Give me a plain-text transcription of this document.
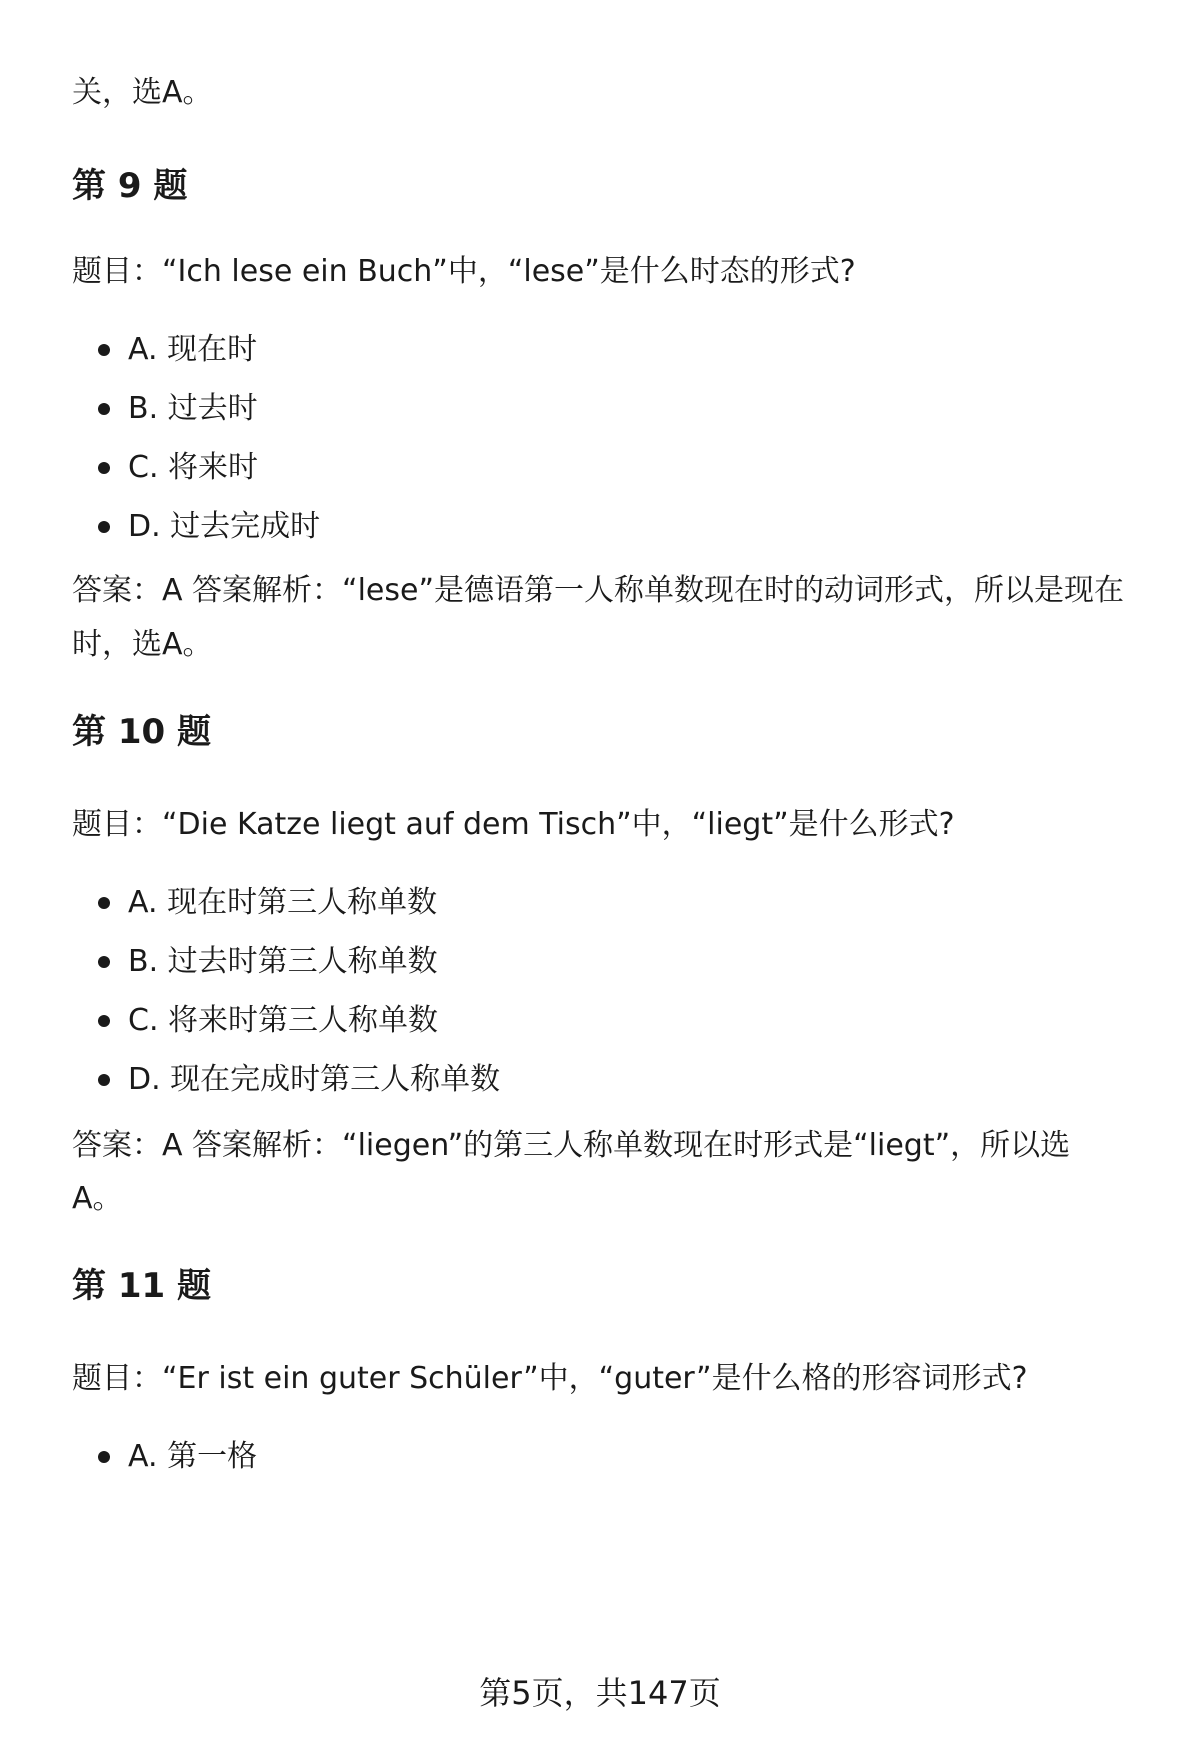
关，选A。

第 9 题

题目：“Ich lese ein Buch”中，“lese”是什么时态的形式?

A. 现在时
B. 过去时
C. 将来时
D. 过去完成时

答案：A 答案解析：“lese”是德语第一人称单数现在时的动词形式，所以是现在

时，选A。

第 10 题

题目：“Die Katze liegt auf dem Tisch”中，“liegt”是什么形式?

A. 现在时第三人称单数
B. 过去时第三人称单数
C. 将来时第三人称单数
D. 现在完成时第三人称单数

答案：A 答案解析：“liegen”的第三人称单数现在时形式是“liegt”，所以选

A。

第 11 题

题目：“Er ist ein guter Schüler”中，“guter”是什么格的形容词形式?

A. 第一格
第5页，共147页
